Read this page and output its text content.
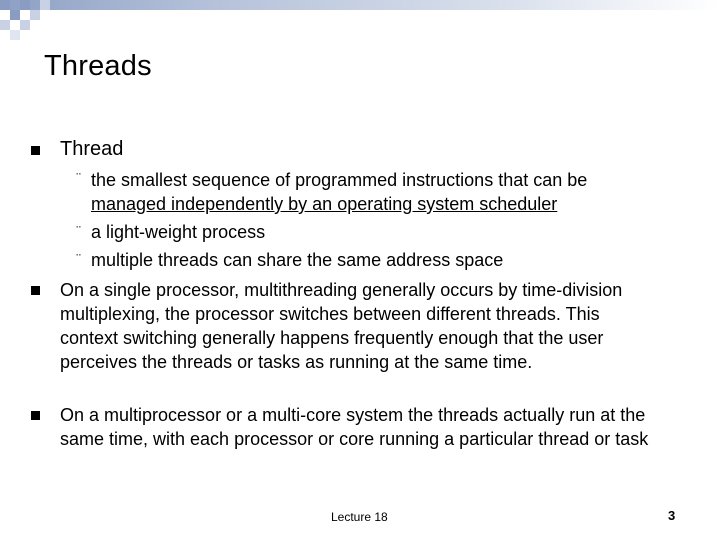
Threads
Thread
¨ the smallest sequence of programmed instructions that can be
managed independently by an operating system scheduler
¨ a light-weight process
¨ multiple threads can share the same address space
On a single processor, multithreading generally occurs by time-division multiplexing, the processor switches between different threads. This context switching generally happens frequently enough that the user perceives the threads or tasks as running at the same time.
On a multiprocessor or a multi-core system the threads actually run at the same time, with each processor or core running a particular thread or task
Lecture 18	3
